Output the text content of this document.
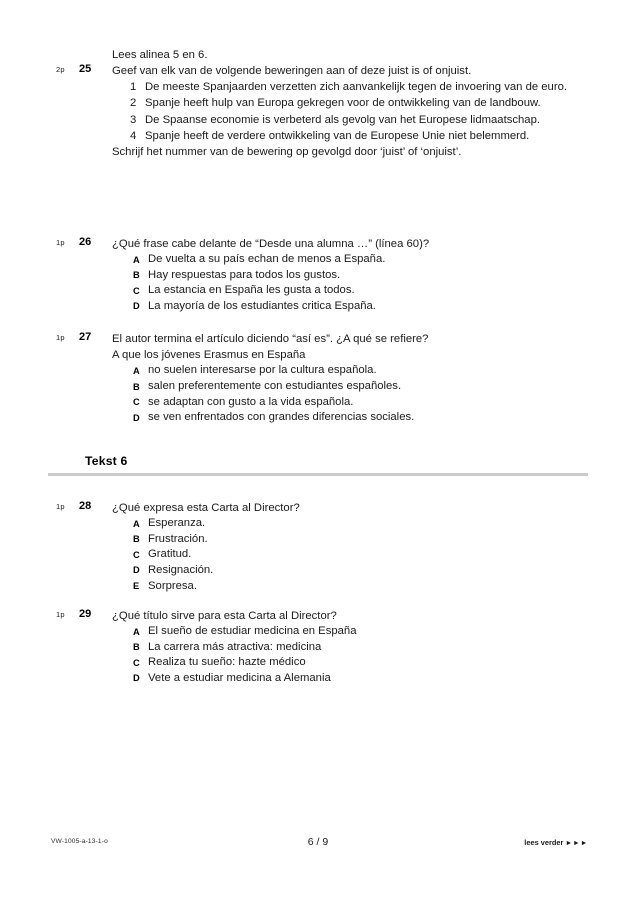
Lees alinea 5 en 6.
2p 25 Geef van elk van de volgende beweringen aan of deze juist is of onjuist.
1 De meeste Spanjaarden verzetten zich aanvankelijk tegen de invoering van de euro.
2 Spanje heeft hulp van Europa gekregen voor de ontwikkeling van de landbouw.
3 De Spaanse economie is verbeterd als gevolg van het Europese lidmaatschap.
4 Spanje heeft de verdere ontwikkeling van de Europese Unie niet belemmerd.
Schrijf het nummer van de bewering op gevolgd door ‘juist’ of ‘onjuist’.
1p 26 ¿Qué frase cabe delante de “Desde una alumna …” (línea 60)?
A De vuelta a su país echan de menos a España.
B Hay respuestas para todos los gustos.
C La estancia en España les gusta a todos.
D La mayoría de los estudiantes critica España.
1p 27 El autor termina el artículo diciendo “así es”. ¿A qué se refiere?
A que los jóvenes Erasmus en España
A no suelen interesarse por la cultura española.
B salen preferentemente con estudiantes españoles.
C se adaptan con gusto a la vida española.
D se ven enfrentados con grandes diferencias sociales.
Tekst 6
1p 28 ¿Qué expresa esta Carta al Director?
A Esperanza.
B Frustración.
C Gratitud.
D Resignación.
E Sorpresa.
1p 29 ¿Qué título sirve para esta Carta al Director?
A El sueño de estudiar medicina en España
B La carrera más atractiva: medicina
C Realiza tu sueño: hazte médico
D Vete a estudiar medicina a Alemania
VW-1005-a-13-1-o	6 / 9	lees verder ►►►
